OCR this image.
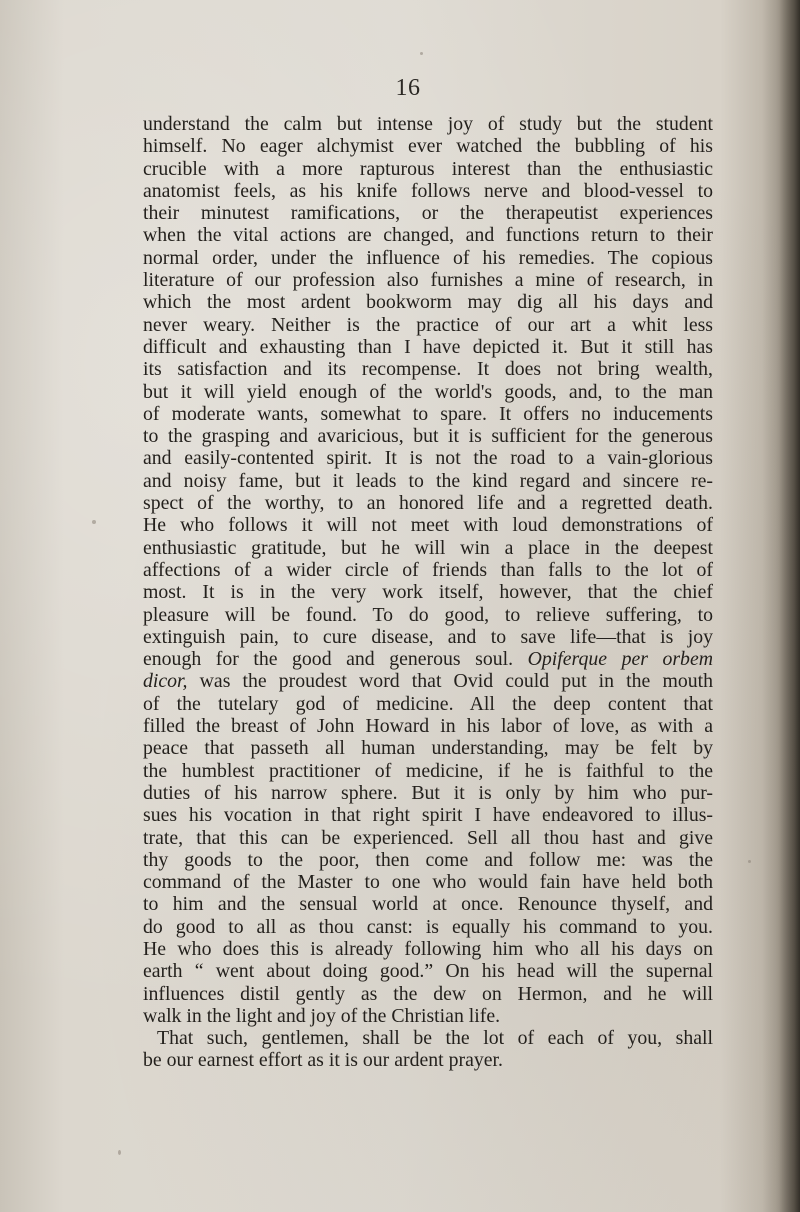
16
understand the calm but intense joy of study but the student
himself. No eager alchymist ever watched the bubbling of his
crucible with a more rapturous interest than the enthusiastic
anatomist feels, as his knife follows nerve and blood-vessel to
their minutest ramifications, or the therapeutist experiences
when the vital actions are changed, and functions return to their
normal order, under the influence of his remedies. The copious
literature of our profession also furnishes a mine of research, in
which the most ardent bookworm may dig all his days and
never weary. Neither is the practice of our art a whit less
difficult and exhausting than I have depicted it. But it still has
its satisfaction and its recompense. It does not bring wealth,
but it will yield enough of the world's goods, and, to the man
of moderate wants, somewhat to spare. It offers no inducements
to the grasping and avaricious, but it is sufficient for the generous
and easily-contented spirit. It is not the road to a vain-glorious
and noisy fame, but it leads to the kind regard and sincere re-
spect of the worthy, to an honored life and a regretted death.
He who follows it will not meet with loud demonstrations of
enthusiastic gratitude, but he will win a place in the deepest
affections of a wider circle of friends than falls to the lot of
most. It is in the very work itself, however, that the chief
pleasure will be found. To do good, to relieve suffering, to
extinguish pain, to cure disease, and to save life—that is joy
enough for the good and generous soul. Opiferque per orbem
dicor, was the proudest word that Ovid could put in the mouth
of the tutelary god of medicine. All the deep content that
filled the breast of John Howard in his labor of love, as with a
peace that passeth all human understanding, may be felt by
the humblest practitioner of medicine, if he is faithful to the
duties of his narrow sphere. But it is only by him who pur-
sues his vocation in that right spirit I have endeavored to illus-
trate, that this can be experienced. Sell all thou hast and give
thy goods to the poor, then come and follow me: was the
command of the Master to one who would fain have held both
to him and the sensual world at once. Renounce thyself, and
do good to all as thou canst: is equally his command to you.
He who does this is already following him who all his days on
earth “ went about doing good.” On his head will the supernal
influences distil gently as the dew on Hermon, and he will
walk in the light and joy of the Christian life.
That such, gentlemen, shall be the lot of each of you, shall
be our earnest effort as it is our ardent prayer.
